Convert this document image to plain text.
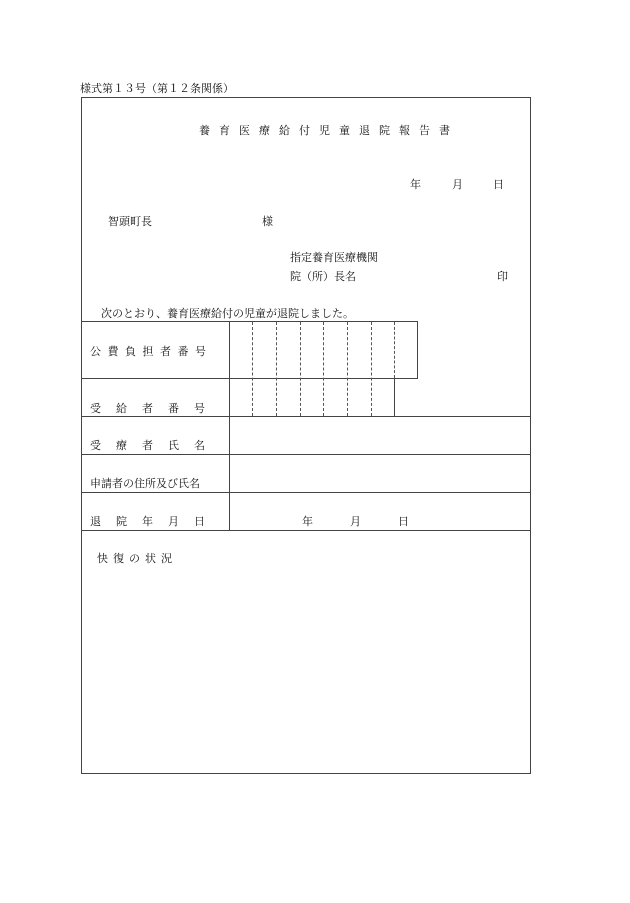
様式第１３号（第１２条関係）
養育医療給付児童退院報告書
年	月	日
智頭町長	様
指定養育医療機関
院（所）長名	印
次のとおり、養育医療給付の児童が退院しました。
公費負担者番号
受給者番号
受療者氏名
申請者の住所及び氏名
退院年月日	年	月	日
快復の状況
